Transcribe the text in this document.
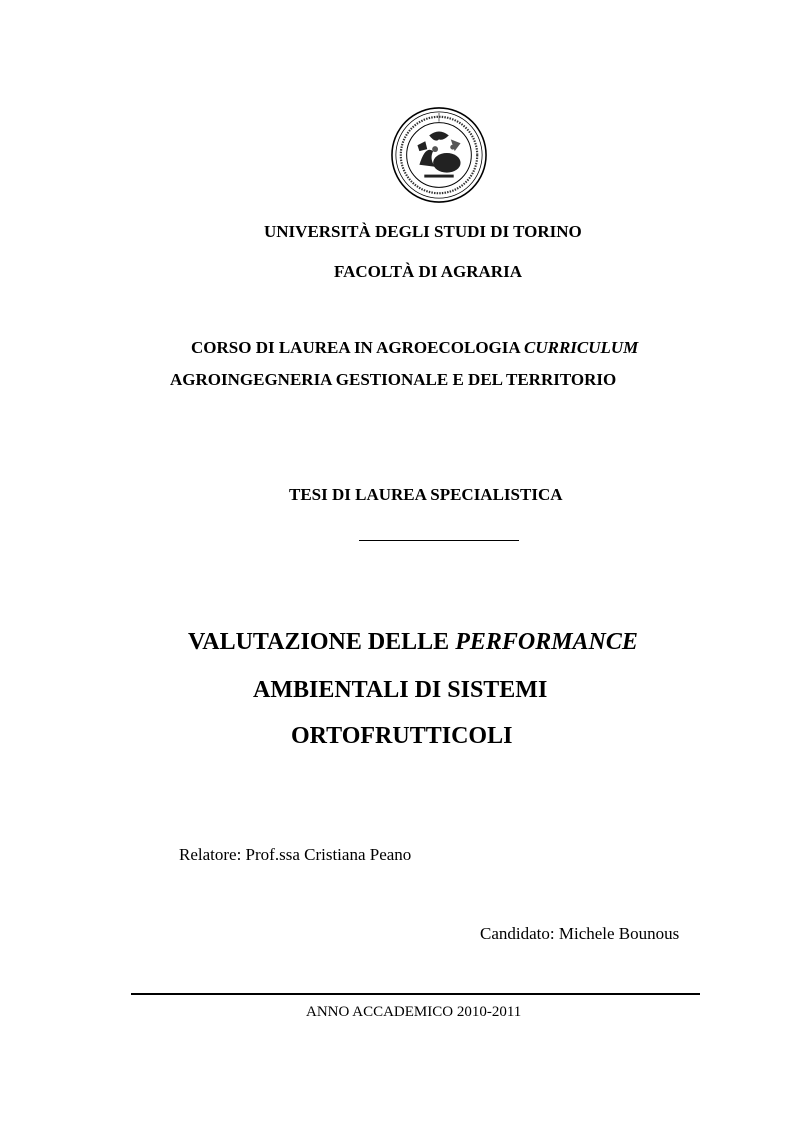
UNIVERSITÀ DEGLI STUDI DI TORINO
FACOLTÀ DI AGRARIA
CORSO DI LAUREA IN AGROECOLOGIA CURRICULUM
AGROINGEGNERIA GESTIONALE E DEL TERRITORIO
TESI DI LAUREA SPECIALISTICA
VALUTAZIONE DELLE PERFORMANCE
AMBIENTALI DI SISTEMI
ORTOFRUTTICOLI
Relatore: Prof.ssa Cristiana Peano
Candidato: Michele Bounous
ANNO ACCADEMICO 2010-2011
